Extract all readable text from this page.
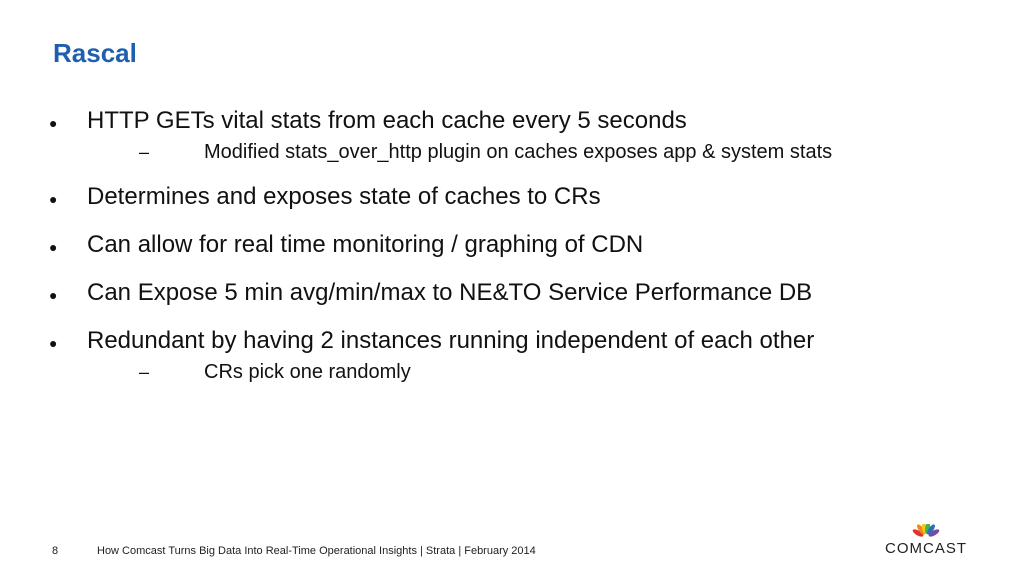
Rascal
● HTTP GETs vital stats from each cache every 5 seconds
–	Modified stats_over_http plugin on caches exposes app & system stats
● Determines and exposes state of caches to CRs
● Can allow for real time monitoring / graphing of CDN
● Can Expose 5 min avg/min/max to NE&TO Service Performance DB
● Redundant by having 2 instances running independent of each other
–	CRs pick one randomly
8	How Comcast Turns Big Data Into Real-Time Operational Insights | Strata | February 2014	COMCAST
